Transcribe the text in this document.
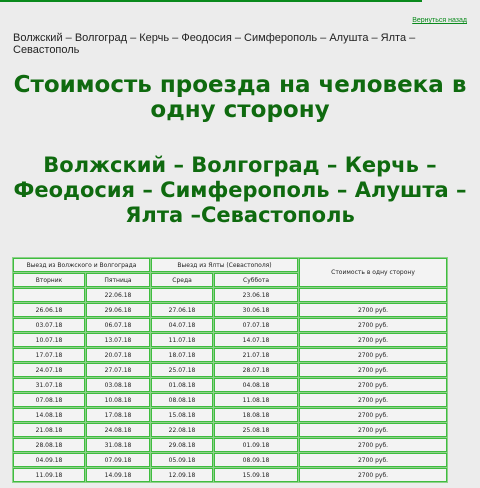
Вернуться назад
Волжский – Волгоград – Керчь – Феодосия – Симферополь – Алушта – Ялта – Севастополь
Стоимость проезда на человека в одну сторону
Волжский – Волгоград – Керчь – Феодосия – Симферополь – Алушта – Ялта –Севастополь
Выезд из Волжского и Волгограда		Выезд из Ялты (Севастополя)		Стоимость в одну сторону
Вторник	Пятница	Среда	Суббота	
	22.06.18		23.06.18	
26.06.18	29.06.18	27.06.18	30.06.18	2700 руб.
03.07.18	06.07.18	04.07.18	07.07.18	2700 руб.
10.07.18	13.07.18	11.07.18	14.07.18	2700 руб.
17.07.18	20.07.18	18.07.18	21.07.18	2700 руб.
24.07.18	27.07.18	25.07.18	28.07.18	2700 руб.
31.07.18	03.08.18	01.08.18	04.08.18	2700 руб.
07.08.18	10.08.18	08.08.18	11.08.18	2700 руб.
14.08.18	17.08.18	15.08.18	18.08.18	2700 руб.
21.08.18	24.08.18	22.08.18	25.08.18	2700 руб.
28.08.18	31.08.18	29.08.18	01.09.18	2700 руб.
04.09.18	07.09.18	05.09.18	08.09.18	2700 руб.
11.09.18	14.09.18	12.09.18	15.09.18	2700 руб.
